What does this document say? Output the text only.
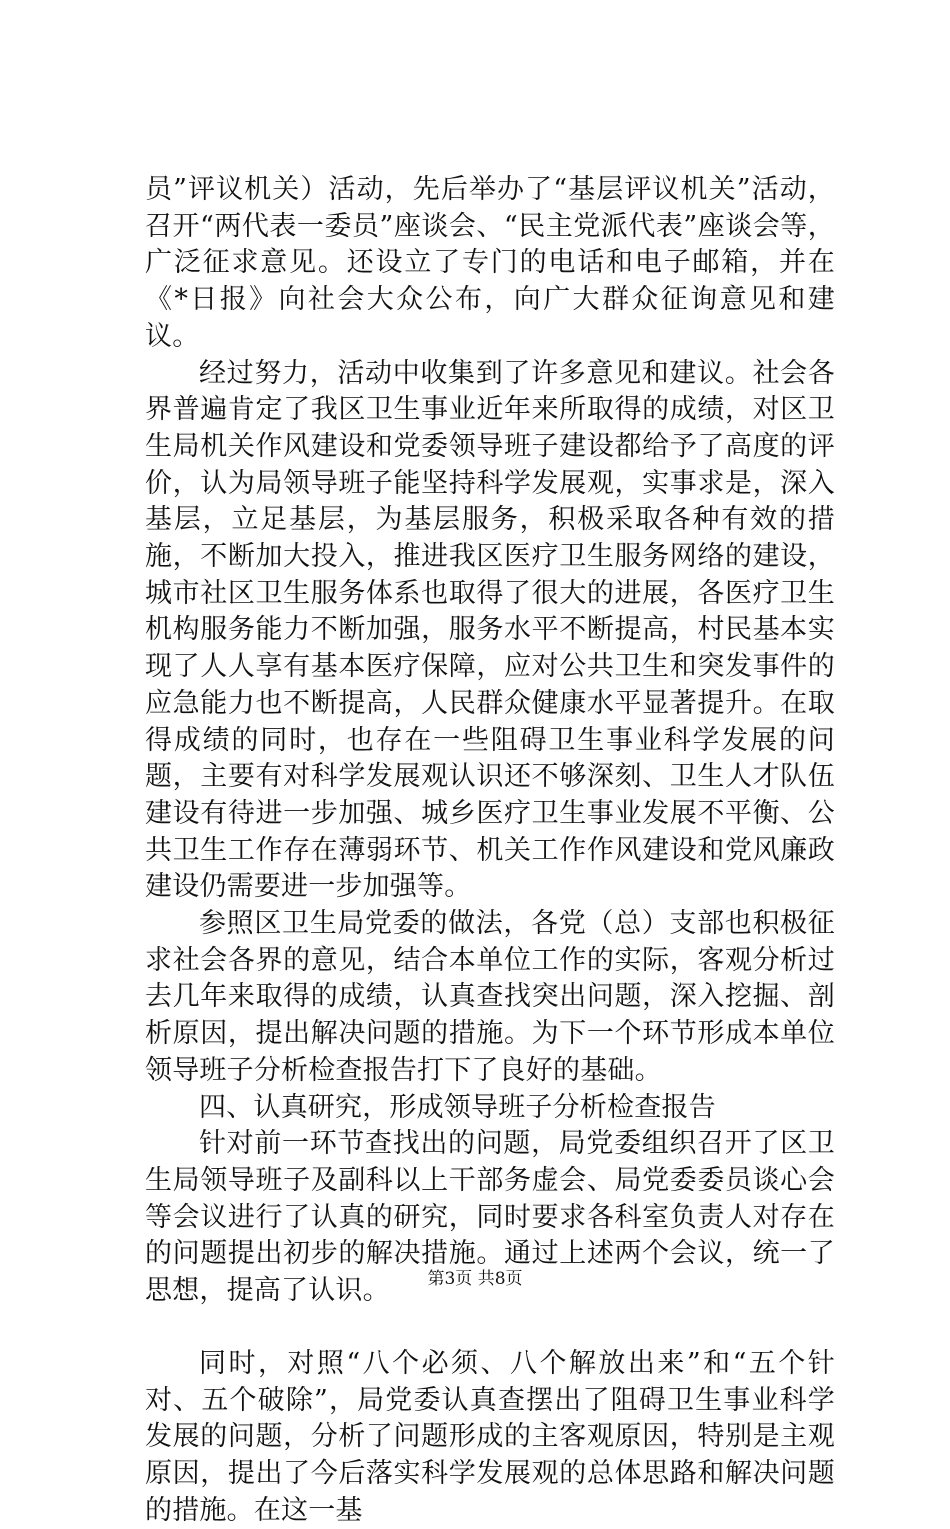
员”评议机关）活动，先后举办了“基层评议机关”活动，召开“两代表一委员”座谈会、“民主党派代表”座谈会等，广泛征求意见。还设立了专门的电话和电子邮箱，并在《*日报》向社会大众公布，向广大群众征询意见和建议。

经过努力，活动中收集到了许多意见和建议。社会各界普遍肯定了我区卫生事业近年来所取得的成绩，对区卫生局机关作风建设和党委领导班子建设都给予了高度的评价，认为局领导班子能坚持科学发展观，实事求是，深入基层，立足基层，为基层服务，积极采取各种有效的措施，不断加大投入，推进我区医疗卫生服务网络的建设，城市社区卫生服务体系也取得了很大的进展，各医疗卫生机构服务能力不断加强，服务水平不断提高，村民基本实现了人人享有基本医疗保障，应对公共卫生和突发事件的应急能力也不断提高，人民群众健康水平显著提升。在取得成绩的同时，也存在一些阻碍卫生事业科学发展的问题，主要有对科学发展观认识还不够深刻、卫生人才队伍建设有待进一步加强、城乡医疗卫生事业发展不平衡、公共卫生工作存在薄弱环节、机关工作作风建设和党风廉政建设仍需要进一步加强等。

参照区卫生局党委的做法，各党（总）支部也积极征求社会各界的意见，结合本单位工作的实际，客观分析过去几年来取得的成绩，认真查找突出问题，深入挖掘、剖析原因，提出解决问题的措施。为下一个环节形成本单位领导班子分析检查报告打下了良好的基础。

四、认真研究，形成领导班子分析检查报告

针对前一环节查找出的问题，局党委组织召开了区卫生局领导班子及副科以上干部务虚会、局党委委员谈心会等会议进行了认真的研究，同时要求各科室负责人对存在的问题提出初步的解决措施。通过上述两个会议，统一了思想，提高了认识。

同时，对照“八个必须、八个解放出来”和“五个针对、五个破除”，局党委认真查摆出了阻碍卫生事业科学发展的问题，分析了问题形成的主客观原因，特别是主观原因，提出了今后落实科学发展观的总体思路和解决问题的措施。在这一基

第3页 共8页
